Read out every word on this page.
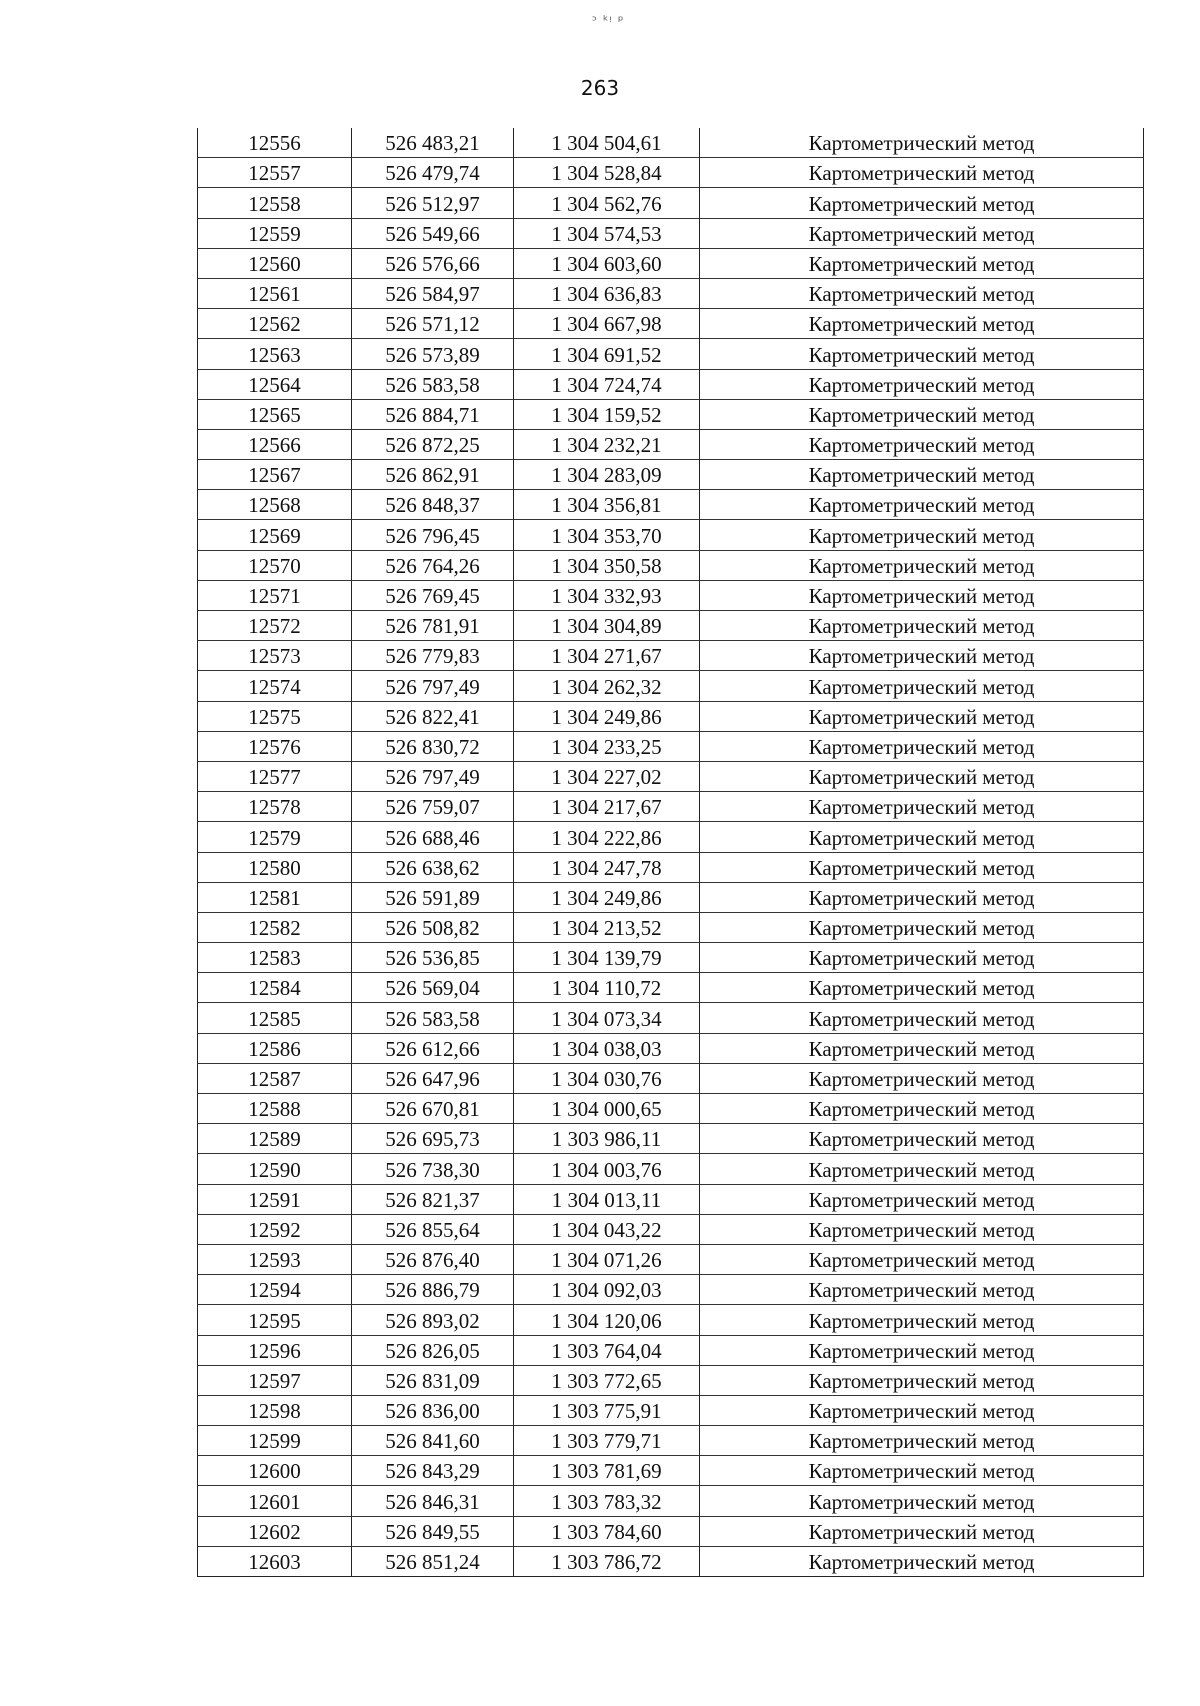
ᵓ ᵏᵎ ᵖ
263
12556	526 483,21	1 304 504,61	Картометрический метод
12557	526 479,74	1 304 528,84	Картометрический метод
12558	526 512,97	1 304 562,76	Картометрический метод
12559	526 549,66	1 304 574,53	Картометрический метод
12560	526 576,66	1 304 603,60	Картометрический метод
12561	526 584,97	1 304 636,83	Картометрический метод
12562	526 571,12	1 304 667,98	Картометрический метод
12563	526 573,89	1 304 691,52	Картометрический метод
12564	526 583,58	1 304 724,74	Картометрический метод
12565	526 884,71	1 304 159,52	Картометрический метод
12566	526 872,25	1 304 232,21	Картометрический метод
12567	526 862,91	1 304 283,09	Картометрический метод
12568	526 848,37	1 304 356,81	Картометрический метод
12569	526 796,45	1 304 353,70	Картометрический метод
12570	526 764,26	1 304 350,58	Картометрический метод
12571	526 769,45	1 304 332,93	Картометрический метод
12572	526 781,91	1 304 304,89	Картометрический метод
12573	526 779,83	1 304 271,67	Картометрический метод
12574	526 797,49	1 304 262,32	Картометрический метод
12575	526 822,41	1 304 249,86	Картометрический метод
12576	526 830,72	1 304 233,25	Картометрический метод
12577	526 797,49	1 304 227,02	Картометрический метод
12578	526 759,07	1 304 217,67	Картометрический метод
12579	526 688,46	1 304 222,86	Картометрический метод
12580	526 638,62	1 304 247,78	Картометрический метод
12581	526 591,89	1 304 249,86	Картометрический метод
12582	526 508,82	1 304 213,52	Картометрический метод
12583	526 536,85	1 304 139,79	Картометрический метод
12584	526 569,04	1 304 110,72	Картометрический метод
12585	526 583,58	1 304 073,34	Картометрический метод
12586	526 612,66	1 304 038,03	Картометрический метод
12587	526 647,96	1 304 030,76	Картометрический метод
12588	526 670,81	1 304 000,65	Картометрический метод
12589	526 695,73	1 303 986,11	Картометрический метод
12590	526 738,30	1 304 003,76	Картометрический метод
12591	526 821,37	1 304 013,11	Картометрический метод
12592	526 855,64	1 304 043,22	Картометрический метод
12593	526 876,40	1 304 071,26	Картометрический метод
12594	526 886,79	1 304 092,03	Картометрический метод
12595	526 893,02	1 304 120,06	Картометрический метод
12596	526 826,05	1 303 764,04	Картометрический метод
12597	526 831,09	1 303 772,65	Картометрический метод
12598	526 836,00	1 303 775,91	Картометрический метод
12599	526 841,60	1 303 779,71	Картометрический метод
12600	526 843,29	1 303 781,69	Картометрический метод
12601	526 846,31	1 303 783,32	Картометрический метод
12602	526 849,55	1 303 784,60	Картометрический метод
12603	526 851,24	1 303 786,72	Картометрический метод
